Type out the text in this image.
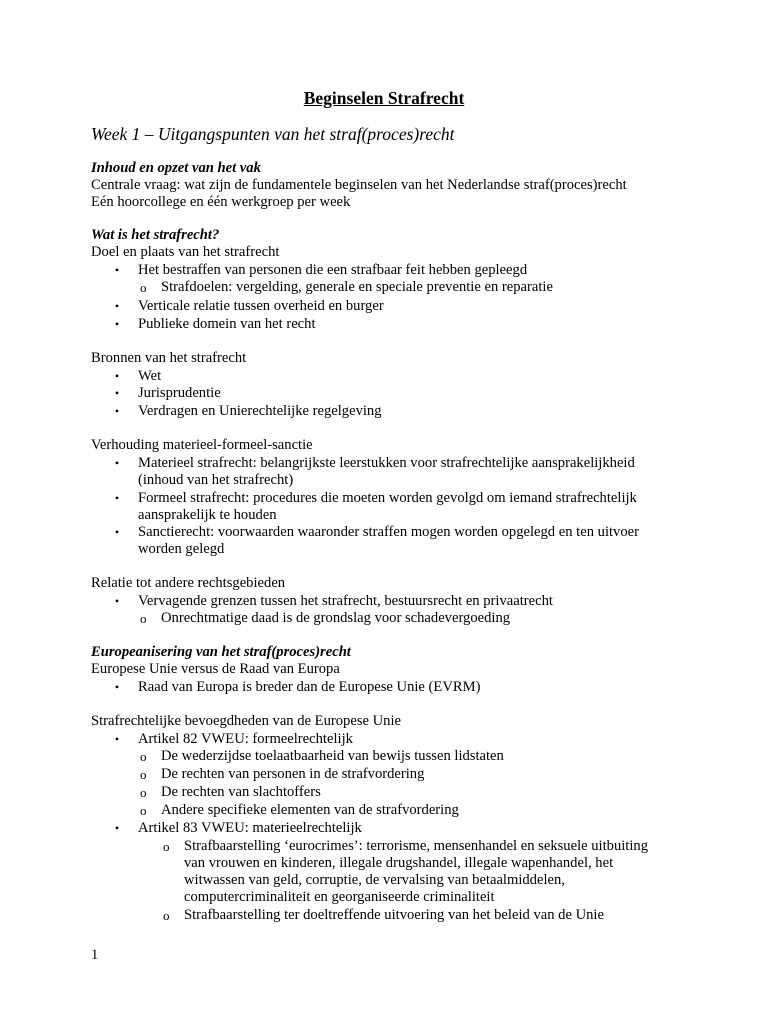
Beginselen Strafrecht
Week 1 – Uitgangspunten van het straf(proces)recht
Inhoud en opzet van het vak
Centrale vraag: wat zijn de fundamentele beginselen van het Nederlandse straf(proces)recht
Eén hoorcollege en één werkgroep per week
Wat is het strafrecht?
Doel en plaats van het strafrecht
• Het bestraffen van personen die een strafbaar feit hebben gepleegd
o Strafdoelen: vergelding, generale en speciale preventie en reparatie
• Verticale relatie tussen overheid en burger
• Publieke domein van het recht
Bronnen van het strafrecht
• Wet
• Jurisprudentie
• Verdragen en Unierechtelijke regelgeving
Verhouding materieel-formeel-sanctie
• Materieel strafrecht: belangrijkste leerstukken voor strafrechtelijke aansprakelijkheid
(inhoud van het strafrecht)
• Formeel strafrecht: procedures die moeten worden gevolgd om iemand strafrechtelijk
aansprakelijk te houden
• Sanctierecht: voorwaarden waaronder straffen mogen worden opgelegd en ten uitvoer
worden gelegd
Relatie tot andere rechtsgebieden
• Vervagende grenzen tussen het strafrecht, bestuursrecht en privaatrecht
o Onrechtmatige daad is de grondslag voor schadevergoeding
Europeanisering van het straf(proces)recht
Europese Unie versus de Raad van Europa
• Raad van Europa is breder dan de Europese Unie (EVRM)
Strafrechtelijke bevoegdheden van de Europese Unie
• Artikel 82 VWEU: formeelrechtelijk
o De wederzijdse toelaatbaarheid van bewijs tussen lidstaten
o De rechten van personen in de strafvordering
o De rechten van slachtoffers
o Andere specifieke elementen van de strafvordering
• Artikel 83 VWEU: materieelrechtelijk
o Strafbaarstelling ‘eurocrimes’: terrorisme, mensenhandel en seksuele uitbuiting
van vrouwen en kinderen, illegale drugshandel, illegale wapenhandel, het
witwassen van geld, corruptie, de vervalsing van betaalmiddelen,
computercriminaliteit en georganiseerde criminaliteit
o Strafbaarstelling ter doeltreffende uitvoering van het beleid van de Unie
1
